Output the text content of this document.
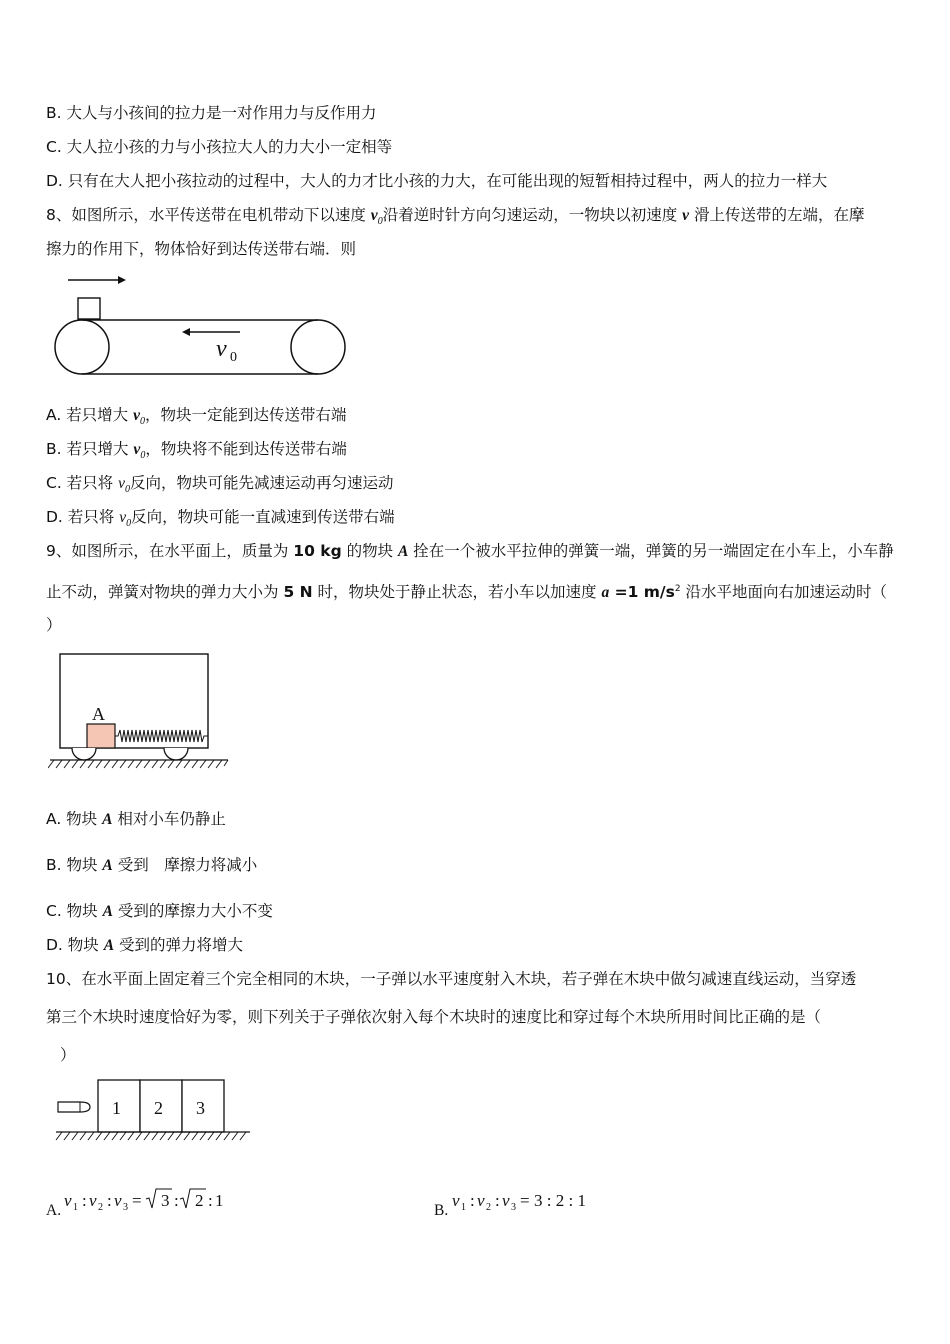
B. 大人与小孩间的拉力是一对作用力与反作用力
C. 大人拉小孩的力与小孩拉大人的力大小一定相等
D. 只有在大人把小孩拉动的过程中，大人的力才比小孩的力大，在可能出现的短暂相持过程中，两人的拉力一样大
8、如图所示，水平传送带在电机带动下以速度 $v_0$沿着逆时针方向匀速运动，一物块以初速度 v 滑上传送带的左端，在摩
擦力的作用下，物体恰好到达传送带右端．则
v 0
A. 若只增大 $v_0$，物块一定能到达传送带右端
B. 若只增大 $v_0$，物块将不能到达传送带右端
C. 若只将 $v_0$反向，物块可能先减速运动再匀速运动
D. 若只将 $v_0$反向，物块可能一直减速到传送带右端
9、如图所示，在水平面上，质量为 10 kg 的物块 A 拴在一个被水平拉伸的弹簧一端，弹簧的另一端固定在小车上，小车静
止不动，弹簧对物块的弹力大小为 5 N 时，物块处于静止状态，若小车以加速度 a =1 $m/s^2$ 沿水平地面向右加速运动时（
）
A
A. 物块 A 相对小车仍静止
B. 物块 A 受到　摩擦力将减小
C. 物块 A 受到的摩擦力大小不变
D. 物块 A 受到的弹力将增大
10、在水平面上固定着三个完全相同的木块，一子弹以水平速度射入木块，若子弹在木块中做匀减速直线运动，当穿透
第三个木块时速度恰好为零，则下列关于子弹依次射入每个木块时的速度比和穿过每个木块所用时间比正确的是（
）
1 2 3
A.
v 1 : v 2 : v 3 = 3 : 2 : 1
B.
v 1 : v 2 : v 3 = 3 : 2 : 1
